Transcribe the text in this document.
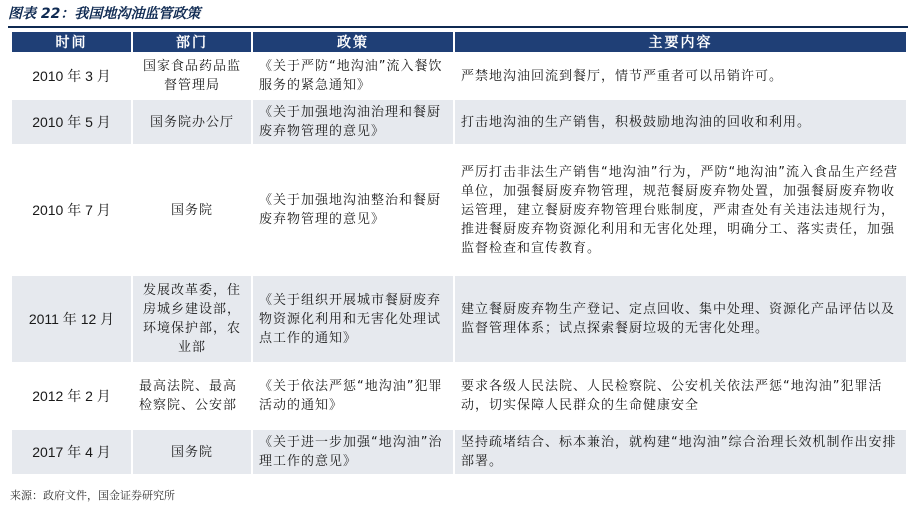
图表 22：我国地沟油监管政策
时间	部门	政策	主要内容
2010 年 3 月	国家食品药品监督管理局	《关于严防“地沟油”流入餐饮服务的紧急通知》	严禁地沟油回流到餐厅，情节严重者可以吊销许可。
2010 年 5 月	国务院办公厅	《关于加强地沟油治理和餐厨废弃物管理的意见》	打击地沟油的生产销售，积极鼓励地沟油的回收和利用。
2010 年 7 月	国务院	《关于加强地沟油整治和餐厨废弃物管理的意见》	严厉打击非法生产销售“地沟油”行为，严防“地沟油”流入食品生产经营单位，加强餐厨废弃物管理，规范餐厨废弃物处置，加强餐厨废弃物收运管理，建立餐厨废弃物管理台账制度，严肃查处有关违法违规行为，推进餐厨废弃物资源化利用和无害化处理，明确分工、落实责任，加强监督检查和宣传教育。
2011 年 12 月	发展改革委，住房城乡建设部，环境保护部，农业部	《关于组织开展城市餐厨废弃物资源化利用和无害化处理试点工作的通知》	建立餐厨废弃物生产登记、定点回收、集中处理、资源化产品评估以及监督管理体系；试点探索餐厨垃圾的无害化处理。
2012 年 2 月	最高法院、最高检察院、公安部	《关于依法严惩“地沟油”犯罪活动的通知》	要求各级人民法院、人民检察院、公安机关依法严惩“地沟油”犯罪活动，切实保障人民群众的生命健康安全
2017 年 4 月	国务院	《关于进一步加强“地沟油”治理工作的意见》	坚持疏堵结合、标本兼治，就构建“地沟油”综合治理长效机制作出安排部署。
来源：政府文件，国金证券研究所
